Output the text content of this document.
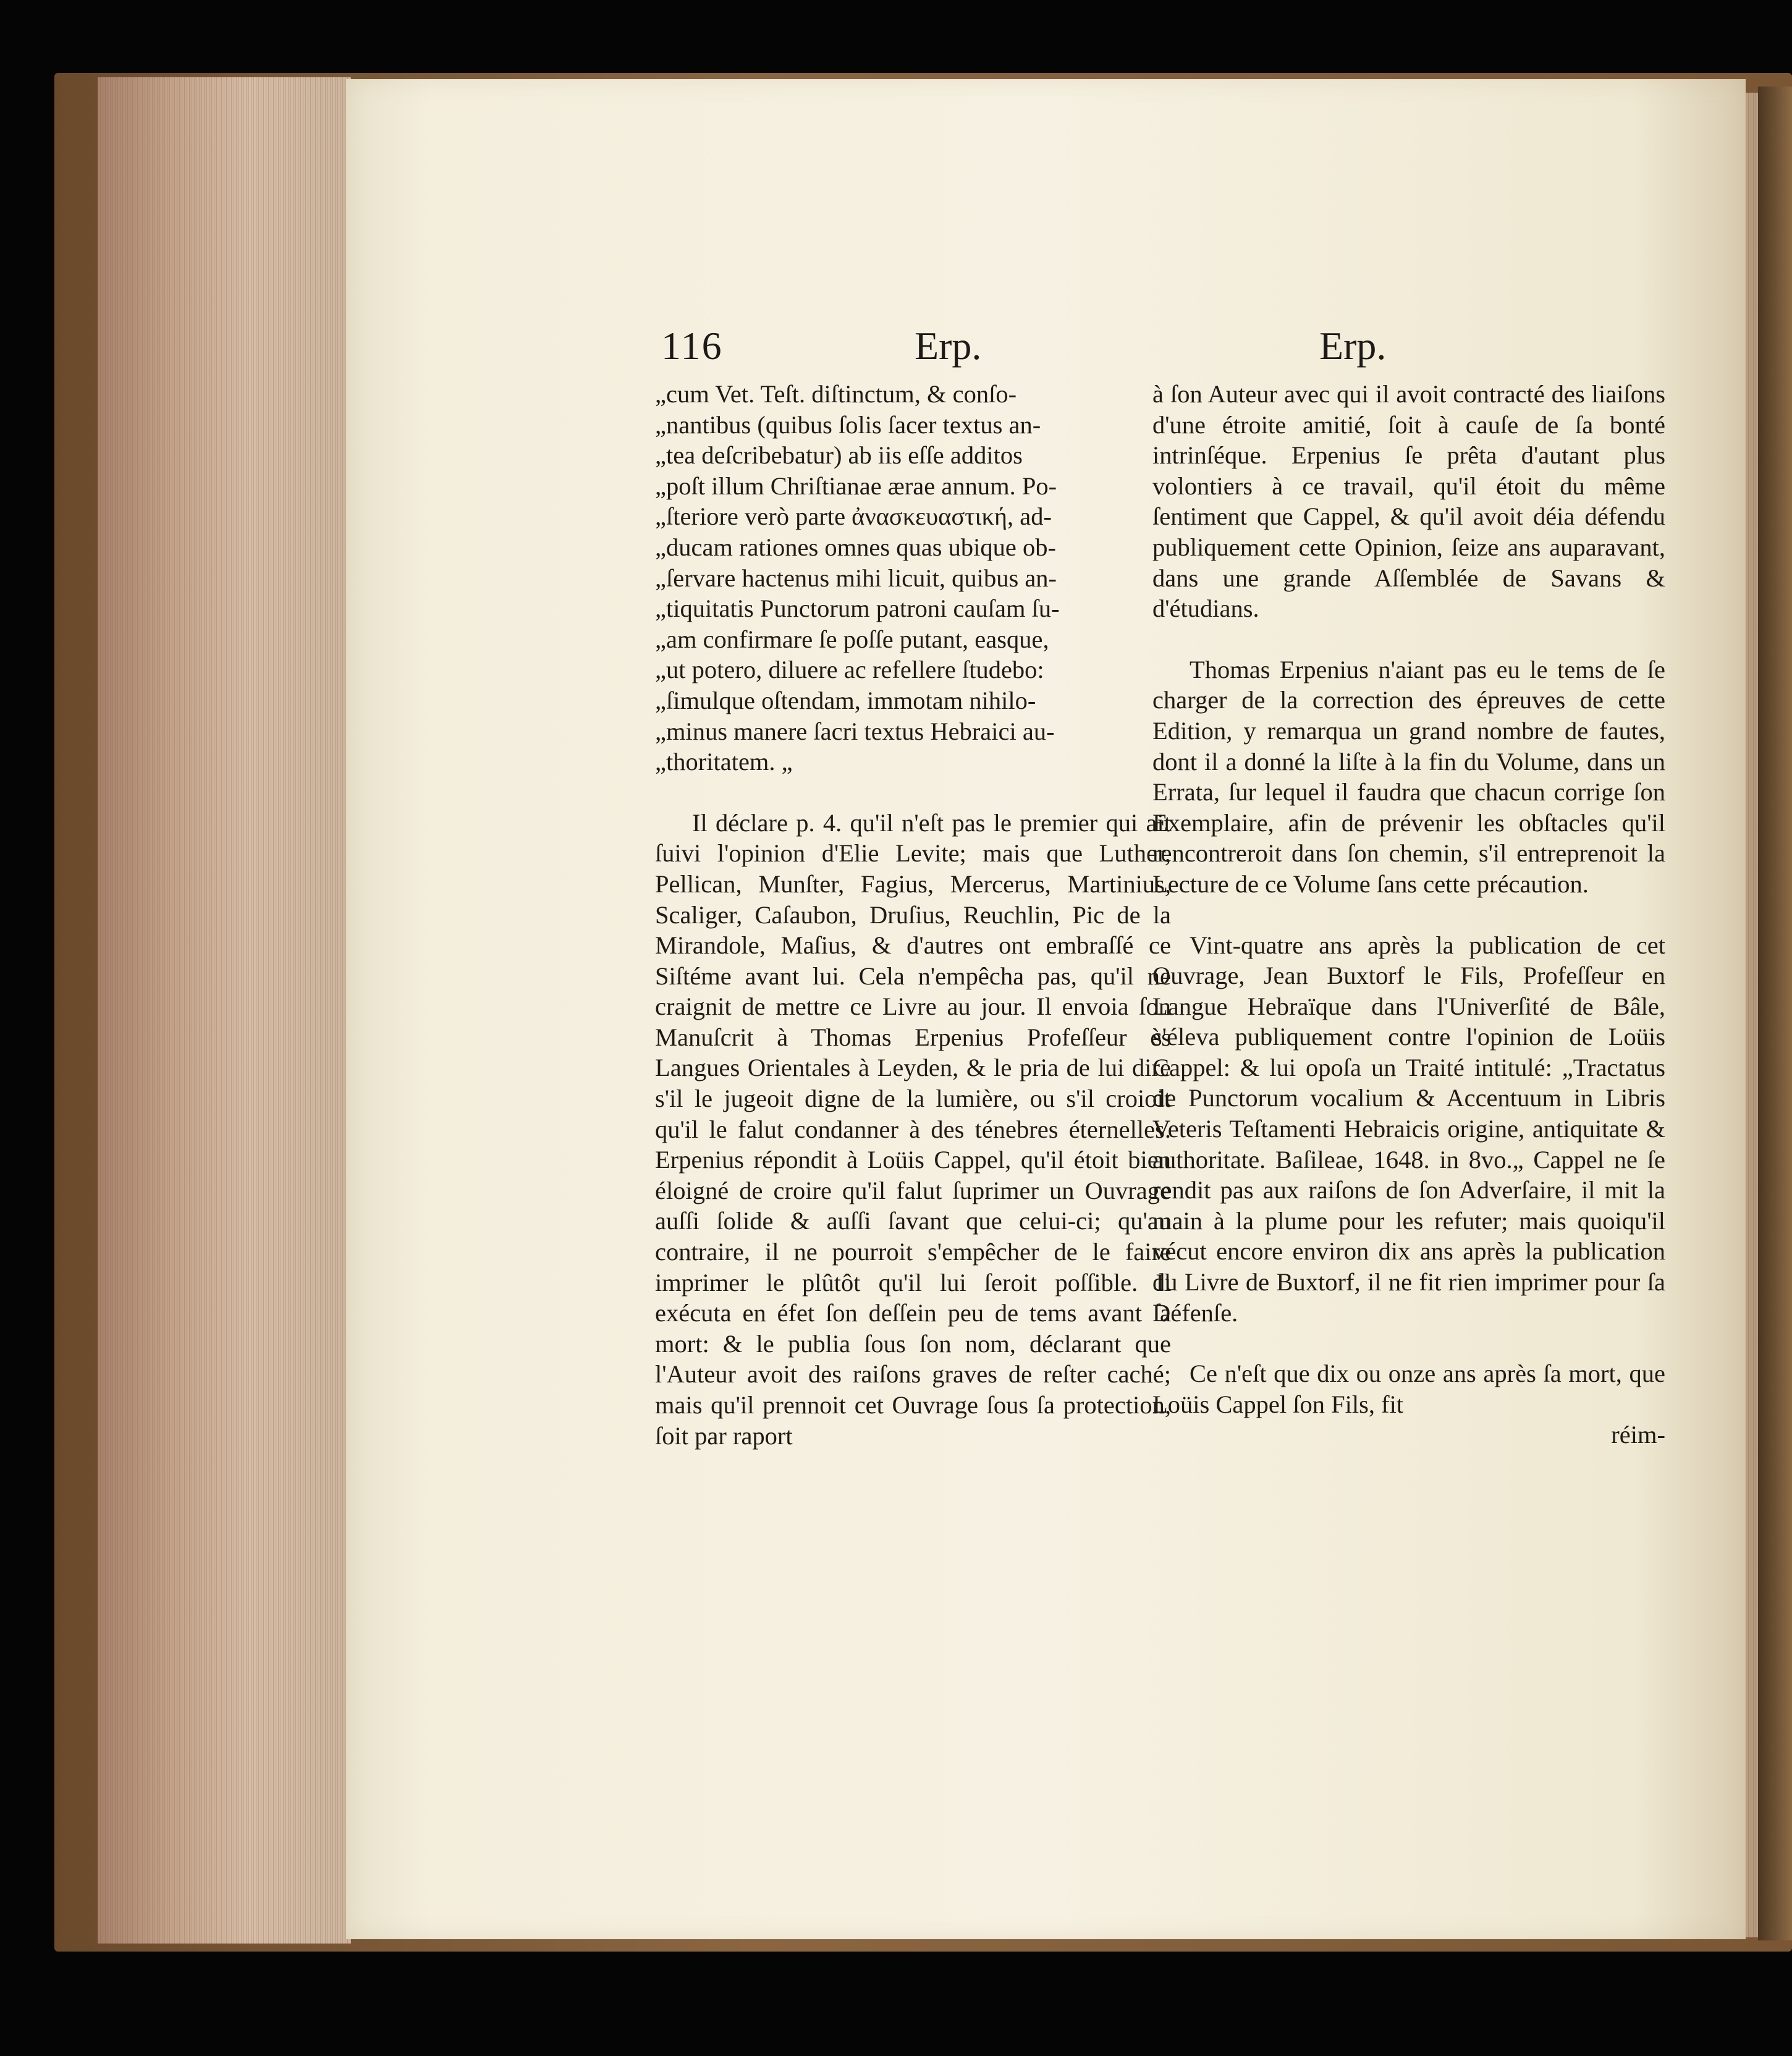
116	Erp.	Erp.
„cum Vet. Teſt. diſtinctum, & conſo-
„nantibus (quibus ſolis ſacer textus an-
„tea deſcribebatur) ab iis eſſe additos
„poſt illum Chriſtianae ærae annum. Po-
„ſteriore verò parte ἀνασκευαστική, ad-
„ducam rationes omnes quas ubique ob-
„ſervare hactenus mihi licuit, quibus an-
„tiquitatis Punctorum patroni cauſam ſu-
„am confirmare ſe poſſe putant, easque,
„ut potero, diluere ac refellere ſtudebo:
„ſimulque oſtendam, immotam nihilo-
„minus manere ſacri textus Hebraici au-
„thoritatem. „

Il déclare p. 4. qu'il n'eſt pas le premier qui ait ſuivi l'opinion d'Elie Levite; mais que Luther, Pellican, Munſter, Fagius, Mercerus, Martinius, Scaliger, Caſaubon, Druſius, Reuchlin, Pic de la Mirandole, Maſius, & d'autres ont embraſſé ce Siſtéme avant lui. Cela n'empêcha pas, qu'il ne craignit de mettre ce Livre au jour. Il envoia ſon Manuſcrit à Thomas Erpenius Profeſſeur ès Langues Orientales à Leyden, & le pria de lui dire s'il le jugeoit digne de la lumière, ou s'il croioit qu'il le falut condanner à des ténebres éternelles. Erpenius répondit à Loüis Cappel, qu'il étoit bien éloigné de croire qu'il falut ſuprimer un Ouvrage auſſi ſolide & auſſi ſavant que celui-ci; qu'au contraire, il ne pourroit s'empêcher de le faire imprimer le plûtôt qu'il lui ſeroit poſſible. Il exécuta en éfet ſon deſſein peu de tems avant ſa mort: & le publia ſous ſon nom, déclarant que l'Auteur avoit des raiſons graves de reſter caché; mais qu'il prennoit cet Ouvrage ſous ſa protection, ſoit par raport

à ſon Auteur avec qui il avoit contracté des liaiſons d'une étroite amitié, ſoit à cauſe de ſa bonté intrinſéque. Erpenius ſe prêta d'autant plus volontiers à ce travail, qu'il étoit du même ſentiment que Cappel, & qu'il avoit déia défendu publiquement cette Opinion, ſeize ans auparavant, dans une grande Aſſemblée de Savans & d'étudians.

Thomas Erpenius n'aiant pas eu le tems de ſe charger de la correction des épreuves de cette Edition, y remarqua un grand nombre de fautes, dont il a donné la liſte à la fin du Volume, dans un Errata, ſur lequel il faudra que chacun corrige ſon Exemplaire, afin de prévenir les obſtacles qu'il rencontreroit dans ſon chemin, s'il entreprenoit la Lecture de ce Volume ſans cette précaution.

Vint-quatre ans après la publication de cet Ouvrage, Jean Buxtorf le Fils, Profeſſeur en Langue Hebraïque dans l'Univerſité de Bâle, s'éleva publiquement contre l'opinion de Loüis Cappel: & lui opoſa un Traité intitulé: „Tractatus de Punctorum vocalium & Accentuum in Libris Veteris Teſtamenti Hebraicis origine, antiquitate & authoritate. Baſileae, 1648. in 8vo.„ Cappel ne ſe rendit pas aux raiſons de ſon Adverſaire, il mit la main à la plume pour les refuter; mais quoiqu'il vécut encore environ dix ans après la publication du Livre de Buxtorf, il ne fit rien imprimer pour ſa Défenſe.

Ce n'eſt que dix ou onze ans après ſa mort, que Loüis Cappel ſon Fils, fit

réim-
